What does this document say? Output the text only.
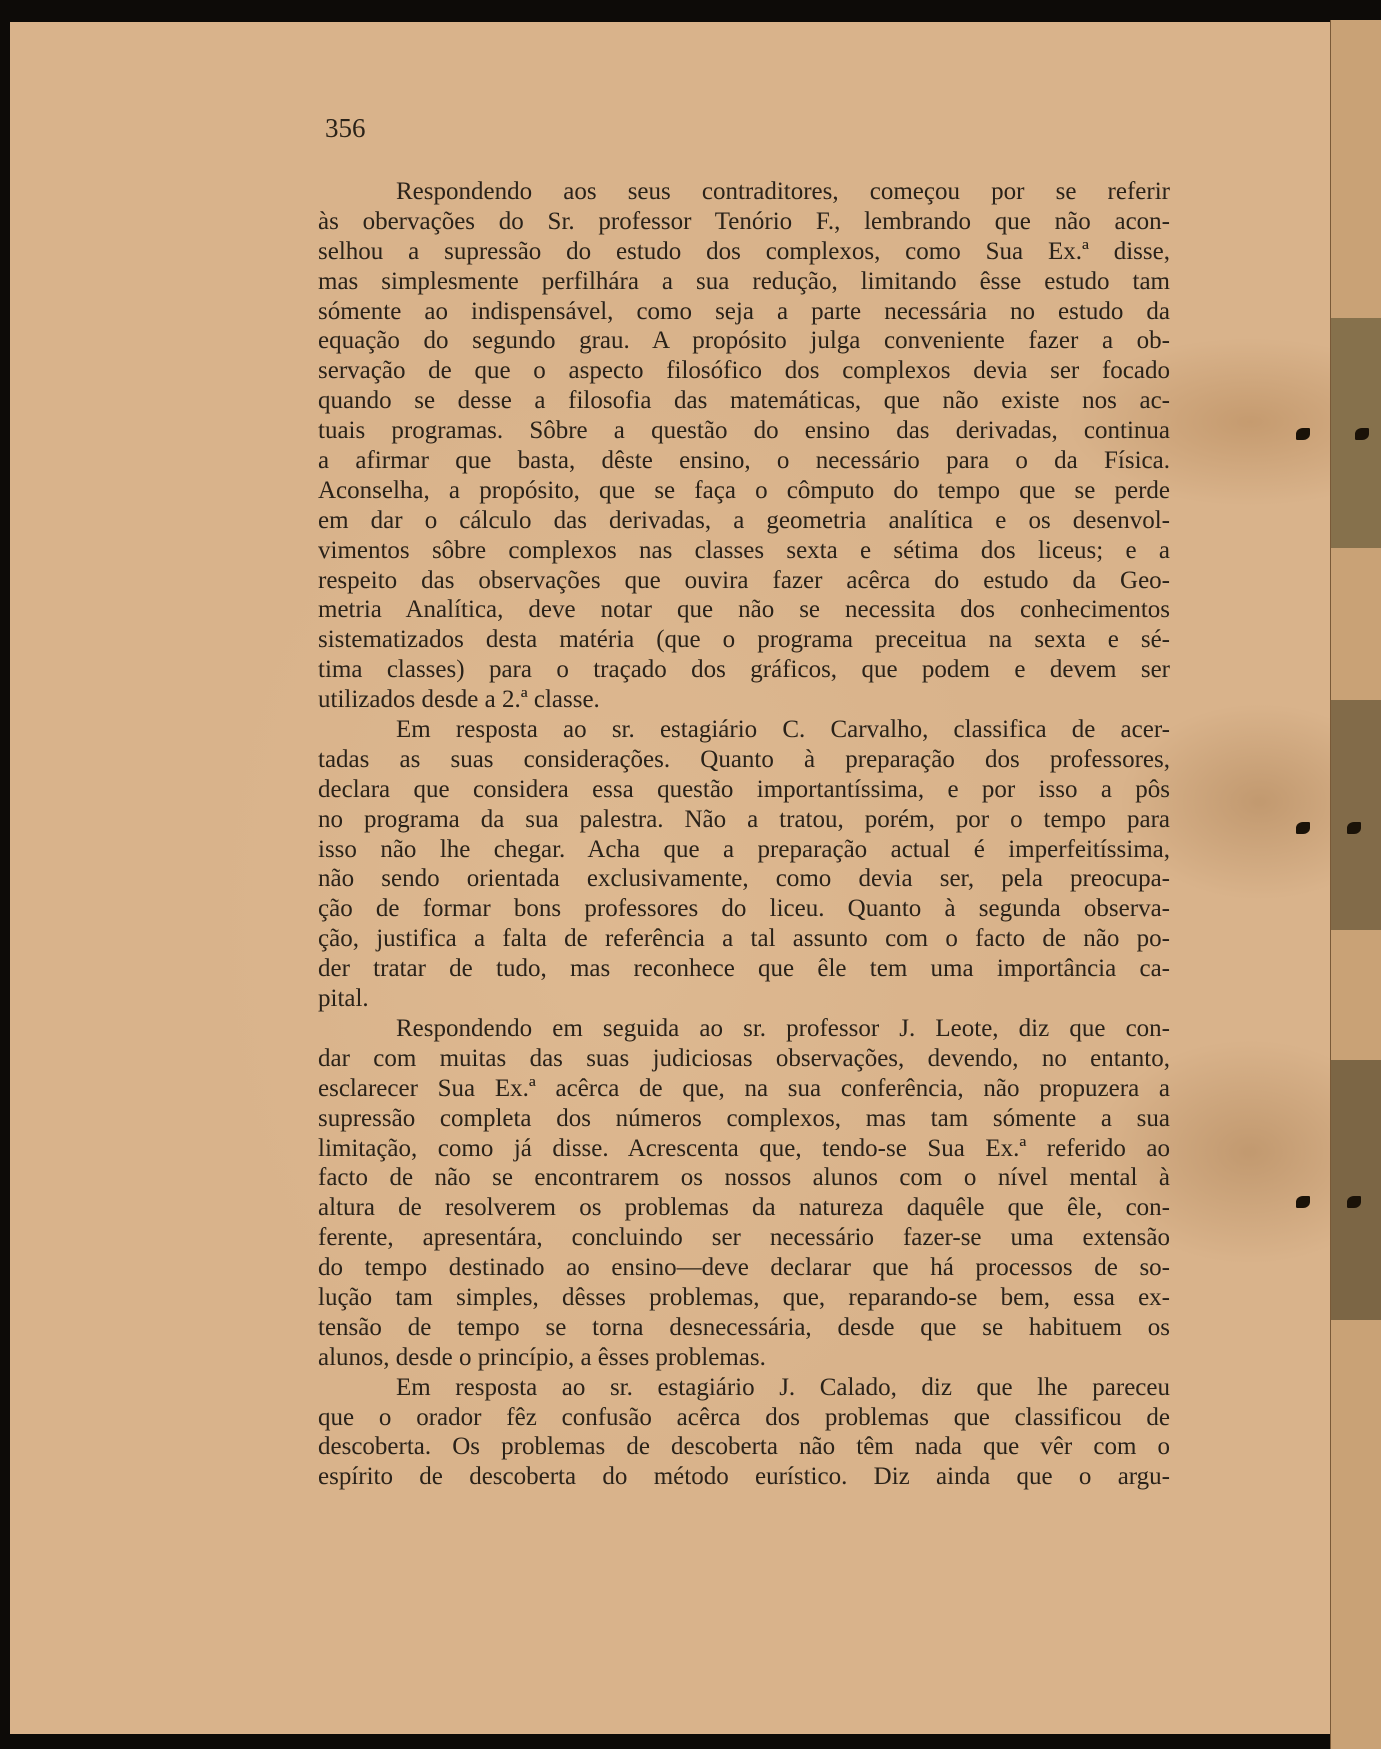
356
Respondendo aos seus contraditores, começou por se referir
às obervações do Sr. professor Tenório F., lembrando que não acon-
selhou a supressão do estudo dos complexos, como Sua Ex.ª disse,
mas simplesmente perfilhára a sua redução, limitando êsse estudo tam
sómente ao indispensável, como seja a parte necessária no estudo da
equação do segundo grau. A propósito julga conveniente fazer a ob-
servação de que o aspecto filosófico dos complexos devia ser focado
quando se desse a filosofia das matemáticas, que não existe nos ac-
tuais programas. Sôbre a questão do ensino das derivadas, continua
a afirmar que basta, dêste ensino, o necessário para o da Física.
Aconselha, a propósito, que se faça o cômputo do tempo que se perde
em dar o cálculo das derivadas, a geometria analítica e os desenvol-
vimentos sôbre complexos nas classes sexta e sétima dos liceus; e a
respeito das observações que ouvira fazer acêrca do estudo da Geo-
metria Analítica, deve notar que não se necessita dos conhecimentos
sistematizados desta matéria (que o programa preceitua na sexta e sé-
tima classes) para o traçado dos gráficos, que podem e devem ser
utilizados desde a 2.ª classe.
Em resposta ao sr. estagiário C. Carvalho, classifica de acer-
tadas as suas considerações. Quanto à preparação dos professores,
declara que considera essa questão importantíssima, e por isso a pôs
no programa da sua palestra. Não a tratou, porém, por o tempo para
isso não lhe chegar. Acha que a preparação actual é imperfeitíssima,
não sendo orientada exclusivamente, como devia ser, pela preocupa-
ção de formar bons professores do liceu. Quanto à segunda observa-
ção, justifica a falta de referência a tal assunto com o facto de não po-
der tratar de tudo, mas reconhece que êle tem uma importância ca-
pital.
Respondendo em seguida ao sr. professor J. Leote, diz que con-
dar com muitas das suas judiciosas observações, devendo, no entanto,
esclarecer Sua Ex.ª acêrca de que, na sua conferência, não propuzera a
supressão completa dos números complexos, mas tam sómente a sua
limitação, como já disse. Acrescenta que, tendo-se Sua Ex.ª referido ao
facto de não se encontrarem os nossos alunos com o nível mental à
altura de resolverem os problemas da natureza daquêle que êle, con-
ferente, apresentára, concluindo ser necessário fazer-se uma extensão
do tempo destinado ao ensino—deve declarar que há processos de so-
lução tam simples, dêsses problemas, que, reparando-se bem, essa ex-
tensão de tempo se torna desnecessária, desde que se habituem os
alunos, desde o princípio, a êsses problemas.
Em resposta ao sr. estagiário J. Calado, diz que lhe pareceu
que o orador fêz confusão acêrca dos problemas que classificou de
descoberta. Os problemas de descoberta não têm nada que vêr com o
espírito de descoberta do método eurístico. Diz ainda que o argu-
